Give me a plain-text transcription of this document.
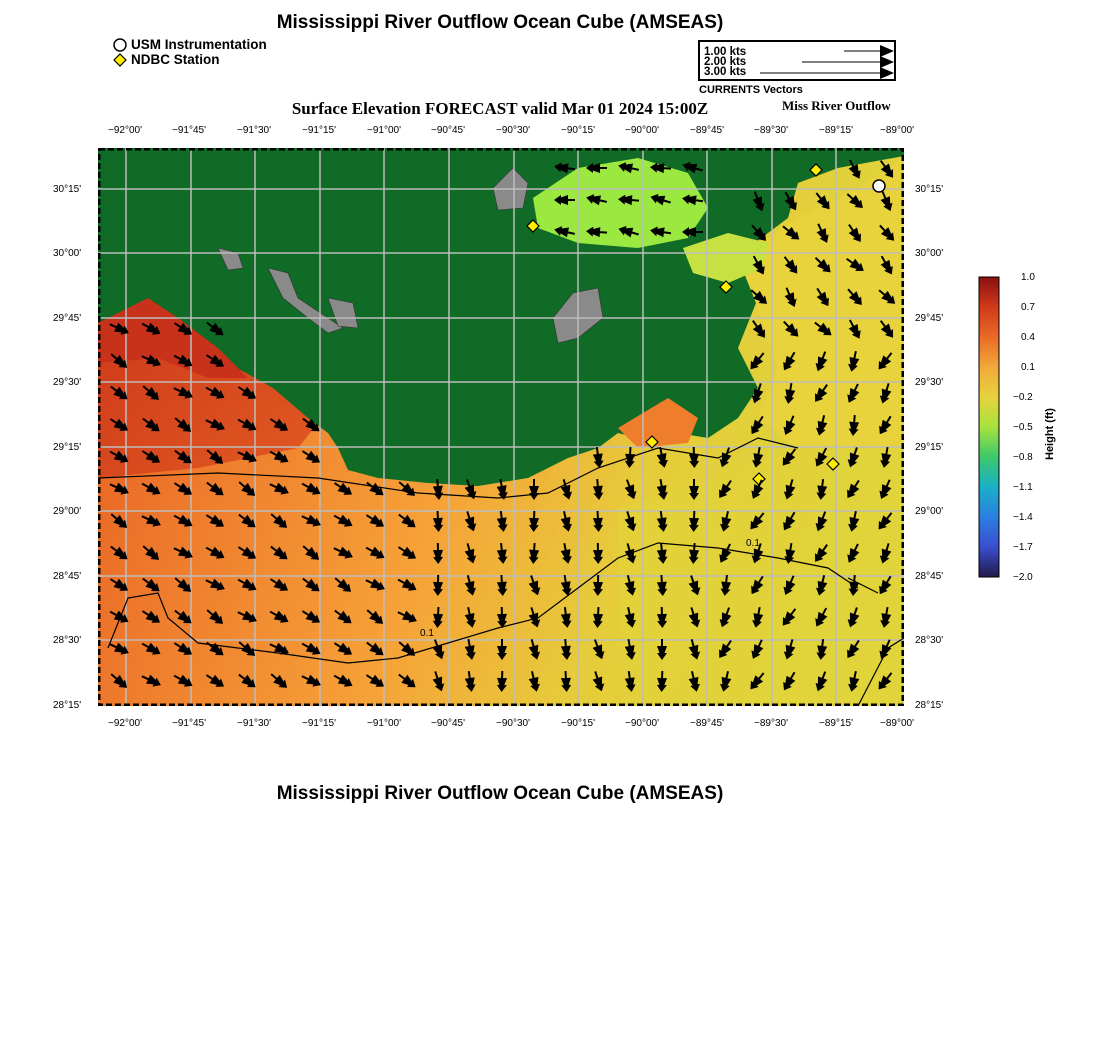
Mississippi River Outflow Ocean Cube (AMSEAS)
Mississippi River Outflow Ocean Cube (AMSEAS)
USM Instrumentation
NDBC Station	1.00 kts
2.00 kts
3.00 kts
CURRENTS Vectors
Surface Elevation FORECAST valid Mar 01 2024 15:00Z	Miss River Outflow
−92°00'	−91°45'	−91°30'	−91°15'	−91°00'	−90°45'	−90°30'	−90°15'	−90°00'	−89°45'	−89°30'	−89°15'	−89°00'
−92°00'	−91°45'	−91°30'	−91°15'	−91°00'	−90°45'	−90°30'	−90°15'	−90°00'	−89°45'	−89°30'	−89°15'	−89°00'
30°15'
30°00'
29°45'
29°30'
29°15'
29°00'
28°45'
28°30'
28°15'
30°15'
30°00'
29°45'
29°30'
29°15'
29°00'
28°45'
28°30'
28°15'
0.1
0.1
1.0
0.7
0.4
0.1
−0.2
−0.5
−0.8
−1.1
−1.4
−1.7
−2.0
Height (ft)
